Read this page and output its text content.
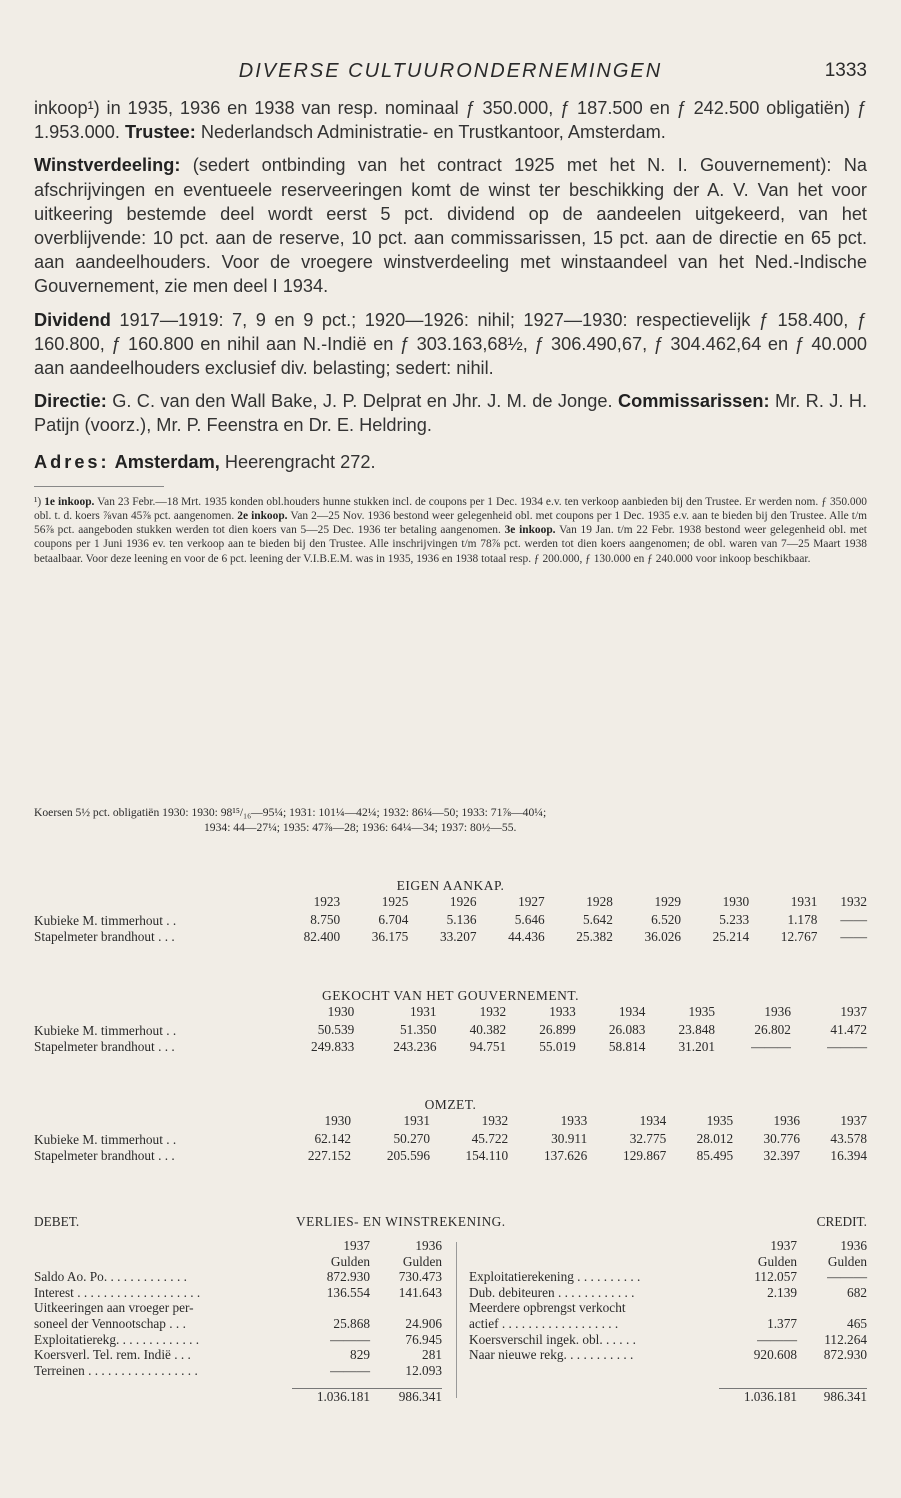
DIVERSE CULTUURONDERNEMINGEN	1333

inkoop¹) in 1935, 1936 en 1938 van resp. nominaal ƒ 350.000, ƒ 187.500 en ƒ 242.500 obligatiën) ƒ 1.953.000. Trustee: Nederlandsch Administratie- en Trustkantoor, Amsterdam.

Winstverdeeling: (sedert ontbinding van het contract 1925 met het N. I. Gouvernement): Na afschrijvingen en eventueele reserveeringen komt de winst ter beschikking der A. V. Van het voor uitkeering bestemde deel wordt eerst 5 pct. dividend op de aandeelen uitgekeerd, van het overblijvende: 10 pct. aan de reserve, 10 pct. aan commissarissen, 15 pct. aan de directie en 65 pct. aan aandeelhouders. Voor de vroegere winstverdeeling met winstaandeel van het Ned.-Indische Gouvernement, zie men deel I 1934.

Dividend 1917—1919: 7, 9 en 9 pct.; 1920—1926: nihil; 1927—1930: respectievelijk ƒ 158.400, ƒ 160.800, ƒ 160.800 en nihil aan N.-Indië en ƒ 303.163,68½, ƒ 306.490,67, ƒ 304.462,64 en ƒ 40.000 aan aandeelhouders exclusief div. belasting; sedert: nihil.

Directie: G. C. van den Wall Bake, J. P. Delprat en Jhr. J. M. de Jonge. Commissarissen: Mr. R. J. H. Patijn (voorz.), Mr. P. Feenstra en Dr. E. Heldring.

Adres: Amsterdam, Heerengracht 272.

¹) 1e inkoop. Van 23 Febr.—18 Mrt. 1935 konden obl.houders hunne stukken incl. de coupons per 1 Dec. 1934 e.v. ten verkoop aanbieden bij den Trustee. Er werden nom. ƒ 350.000 obl. t. d. koers ⅞van 45⅞ pct. aangenomen. 2e inkoop. Van 2—25 Nov. 1936 bestond weer gelegenheid obl. met coupons per 1 Dec. 1935 e.v. aan te bieden bij den Trustee. Alle t/m 56⅞ pct. aangeboden stukken werden tot dien koers van 5—25 Dec. 1936 ter betaling aangenomen. 3e inkoop. Van 19 Jan. t/m 22 Febr. 1938 bestond weer gelegenheid obl. met coupons per 1 Juni 1936 ev. ten verkoop aan te bieden bij den Trustee. Alle inschrijvingen t/m 78⅞ pct. werden tot dien koers aangenomen; de obl. waren van 7—25 Maart 1938 betaalbaar. Voor deze leening en voor de 6 pct. leening der V.I.B.E.M. was in 1935, 1936 en 1938 totaal resp. ƒ 200.000, ƒ 130.000 en ƒ 240.000 voor inkoop beschikbaar.
Koersen 5½ pct. obligatiën 1930: 1930: 98¹⁵/₁₆—95¼; 1931: 101¼—42¼; 1932: 86¼—50; 1933: 71⅞—40¼;
1934: 44—27¼; 1935: 47⅞—28; 1936: 64¼—34; 1937: 80½—55.
EIGEN AANKAP.
	1923	1925	1926	1927	1928	1929	1930	1931	1932
Kubieke M. timmerhout . .	8.750	6.704	5.136	5.646	5.642	6.520	5.233	1.178	——
Stapelmeter brandhout . . .	82.400	36.175	33.207	44.436	25.382	36.026	25.214	12.767	——
GEKOCHT VAN HET GOUVERNEMENT.
	1930	1931	1932	1933	1934	1935	1936	1937
Kubieke M. timmerhout . .	50.539	51.350	40.382	26.899	26.083	23.848	26.802	41.472
Stapelmeter brandhout . . .	249.833	243.236	94.751	55.019	58.814	31.201	———	———
OMZET.
	1930	1931	1932	1933	1934	1935	1936	1937
Kubieke M. timmerhout . .	62.142	50.270	45.722	30.911	32.775	28.012	30.776	43.578
Stapelmeter brandhout . . .	227.152	205.596	154.110	137.626	129.867	85.495	32.397	16.394
DEBET.	VERLIES- EN WINSTREKENING.	CREDIT.
	1937	1936
	Gulden	Gulden
Saldo Ao. Po. . . . . . . . . . . . .	872.930	730.473
Interest . . . . . . . . . . . . . . . . . . .	136.554	141.643
Uitkeeringen aan vroeger per-		
soneel der Vennootschap . . .	25.868	24.906
Exploitatierekg. . . . . . . . . . . . .	———	76.945
Koersverl. Tel. rem. Indië . . .	829	281
Terreinen . . . . . . . . . . . . . . . . .	———	12.093

	1.036.181	986.341
	1937	1936
	Gulden	Gulden
Exploitatierekening . . . . . . . . . .	112.057	———
Dub. debiteuren . . . . . . . . . . . .	2.139	682
Meerdere opbrengst verkocht		
actief . . . . . . . . . . . . . . . . . .	1.377	465
Koersverschil ingek. obl. . . . . .	———	112.264
Naar nieuwe rekg. . . . . . . . . . .	920.608	872.930

	1.036.181	986.341
